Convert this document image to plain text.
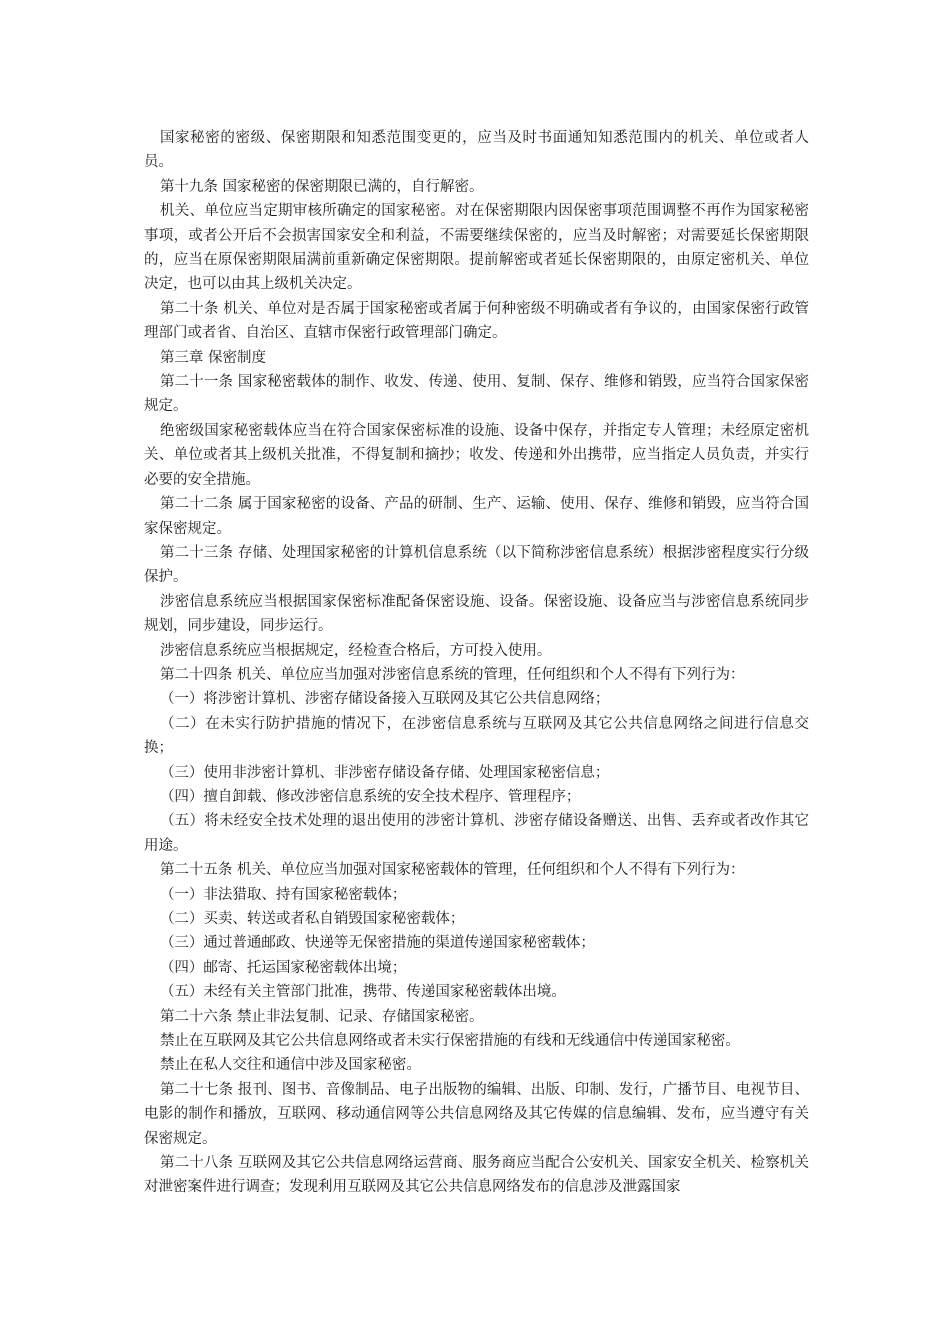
国家秘密的密级、保密期限和知悉范围变更的，应当及时书面通知知悉范围内的机关、单位或者人员。

第十九条 国家秘密的保密期限已满的，自行解密。

机关、单位应当定期审核所确定的国家秘密。对在保密期限内因保密事项范围调整不再作为国家秘密事项，或者公开后不会损害国家安全和利益，不需要继续保密的，应当及时解密；对需要延长保密期限的，应当在原保密期限届满前重新确定保密期限。提前解密或者延长保密期限的，由原定密机关、单位决定，也可以由其上级机关决定。

第二十条 机关、单位对是否属于国家秘密或者属于何种密级不明确或者有争议的，由国家保密行政管理部门或者省、自治区、直辖市保密行政管理部门确定。

第三章 保密制度

第二十一条 国家秘密载体的制作、收发、传递、使用、复制、保存、维修和销毁，应当符合国家保密规定。

绝密级国家秘密载体应当在符合国家保密标准的设施、设备中保存，并指定专人管理；未经原定密机关、单位或者其上级机关批准，不得复制和摘抄；收发、传递和外出携带，应当指定人员负责，并实行必要的安全措施。

第二十二条 属于国家秘密的设备、产品的研制、生产、运输、使用、保存、维修和销毁，应当符合国家保密规定。

第二十三条 存储、处理国家秘密的计算机信息系统（以下简称涉密信息系统）根据涉密程度实行分级保护。

涉密信息系统应当根据国家保密标准配备保密设施、设备。保密设施、设备应当与涉密信息系统同步规划，同步建设，同步运行。

涉密信息系统应当根据规定，经检查合格后，方可投入使用。

第二十四条 机关、单位应当加强对涉密信息系统的管理，任何组织和个人不得有下列行为：

（一）将涉密计算机、涉密存储设备接入互联网及其它公共信息网络；

（二）在未实行防护措施的情况下，在涉密信息系统与互联网及其它公共信息网络之间进行信息交换；

（三）使用非涉密计算机、非涉密存储设备存储、处理国家秘密信息；

（四）擅自卸载、修改涉密信息系统的安全技术程序、管理程序；

（五）将未经安全技术处理的退出使用的涉密计算机、涉密存储设备赠送、出售、丢弃或者改作其它用途。

第二十五条 机关、单位应当加强对国家秘密载体的管理，任何组织和个人不得有下列行为：

（一）非法猎取、持有国家秘密载体；

（二）买卖、转送或者私自销毁国家秘密载体；

（三）通过普通邮政、快递等无保密措施的渠道传递国家秘密载体；

（四）邮寄、托运国家秘密载体出境；

（五）未经有关主管部门批准，携带、传递国家秘密载体出境。

第二十六条 禁止非法复制、记录、存储国家秘密。

禁止在互联网及其它公共信息网络或者未实行保密措施的有线和无线通信中传递国家秘密。

禁止在私人交往和通信中涉及国家秘密。

第二十七条 报刊、图书、音像制品、电子出版物的编辑、出版、印制、发行，广播节目、电视节目、电影的制作和播放，互联网、移动通信网等公共信息网络及其它传媒的信息编辑、发布，应当遵守有关保密规定。

第二十八条 互联网及其它公共信息网络运营商、服务商应当配合公安机关、国家安全机关、检察机关对泄密案件进行调查；发现利用互联网及其它公共信息网络发布的信息涉及泄露国家
